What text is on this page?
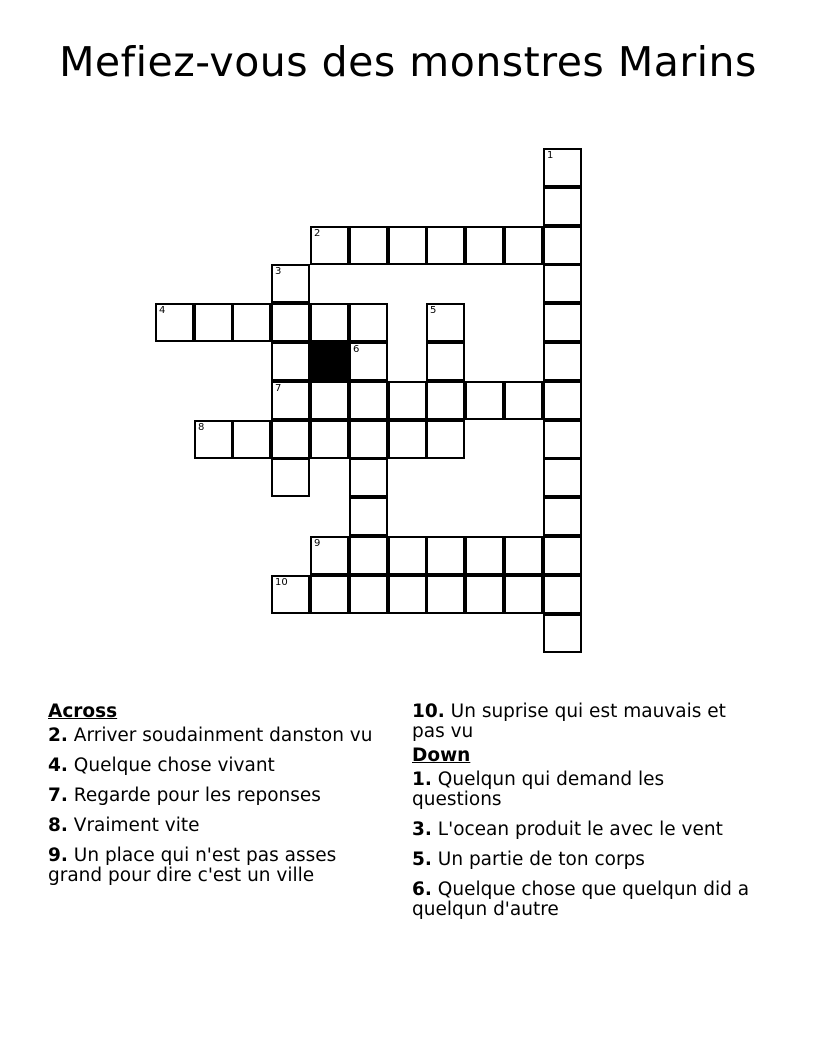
Mefiez-vous des monstres Marins
2
4
7
8
9
10
1
3
5
6
Across
2. Arriver soudainment danston vu
4. Quelque chose vivant
7. Regarde pour les reponses
8. Vraiment vite
9. Un place qui n'est pas asses grand pour dire c'est un ville
10. Un suprise qui est mauvais et pas vu
Down
1. Quelqun qui demand les questions
3. L'ocean produit le avec le vent
5. Un partie de ton corps
6. Quelque chose que quelqun did a quelqun d'autre
